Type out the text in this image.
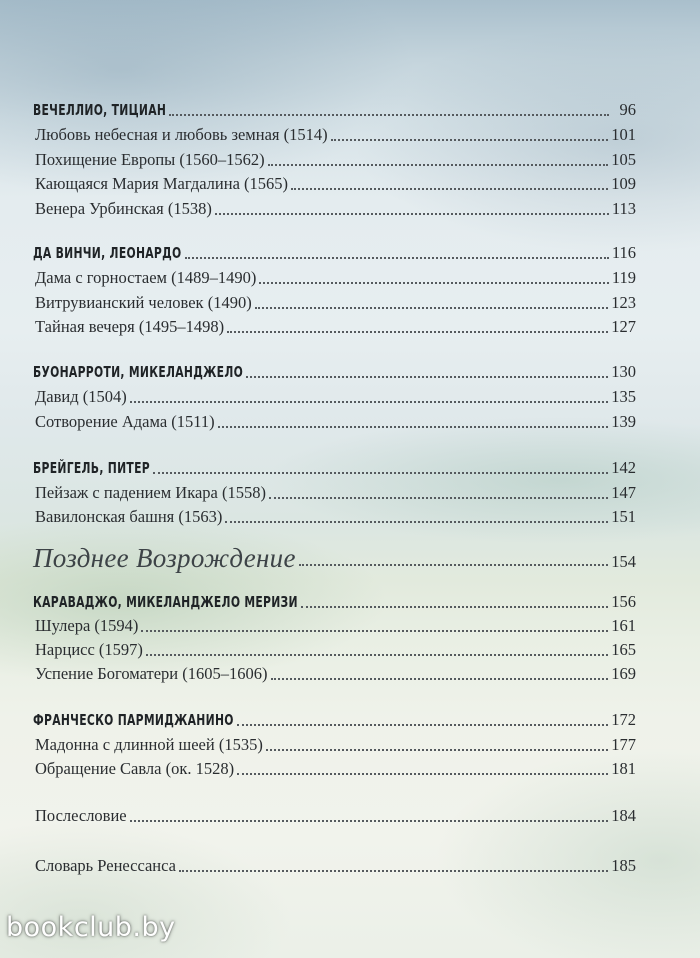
ВЕЧЕЛЛИО, ТИЦИАН	96
Любовь небесная и любовь земная (1514)	101
Похищение Европы (1560–1562)	105
Кающаяся Мария Магдалина (1565)	109
Венера Урбинская (1538)	113
ДА ВИНЧИ, ЛЕОНАРДО	116
Дама с горностаем (1489–1490)	119
Витрувианский человек (1490)	123
Тайная вечеря (1495–1498)	127
БУОНАРРОТИ, МИКЕЛАНДЖЕЛО	130
Давид (1504)	135
Сотворение Адама (1511)	139
БРЕЙГЕЛЬ, ПИТЕР	142
Пейзаж с падением Икара (1558)	147
Вавилонская башня (1563)	151
Позднее Возрождение	154
КАРАВАДЖО, МИКЕЛАНДЖЕЛО МЕРИЗИ	156
Шулера (1594)	161
Нарцисс (1597)	165
Успение Богоматери (1605–1606)	169
ФРАНЧЕСКО ПАРМИДЖАНИНО	172
Мадонна с длинной шеей (1535)	177
Обращение Савла (ок. 1528)	181
Послесловие	184
Словарь Ренессанса	185
bookclub.by
